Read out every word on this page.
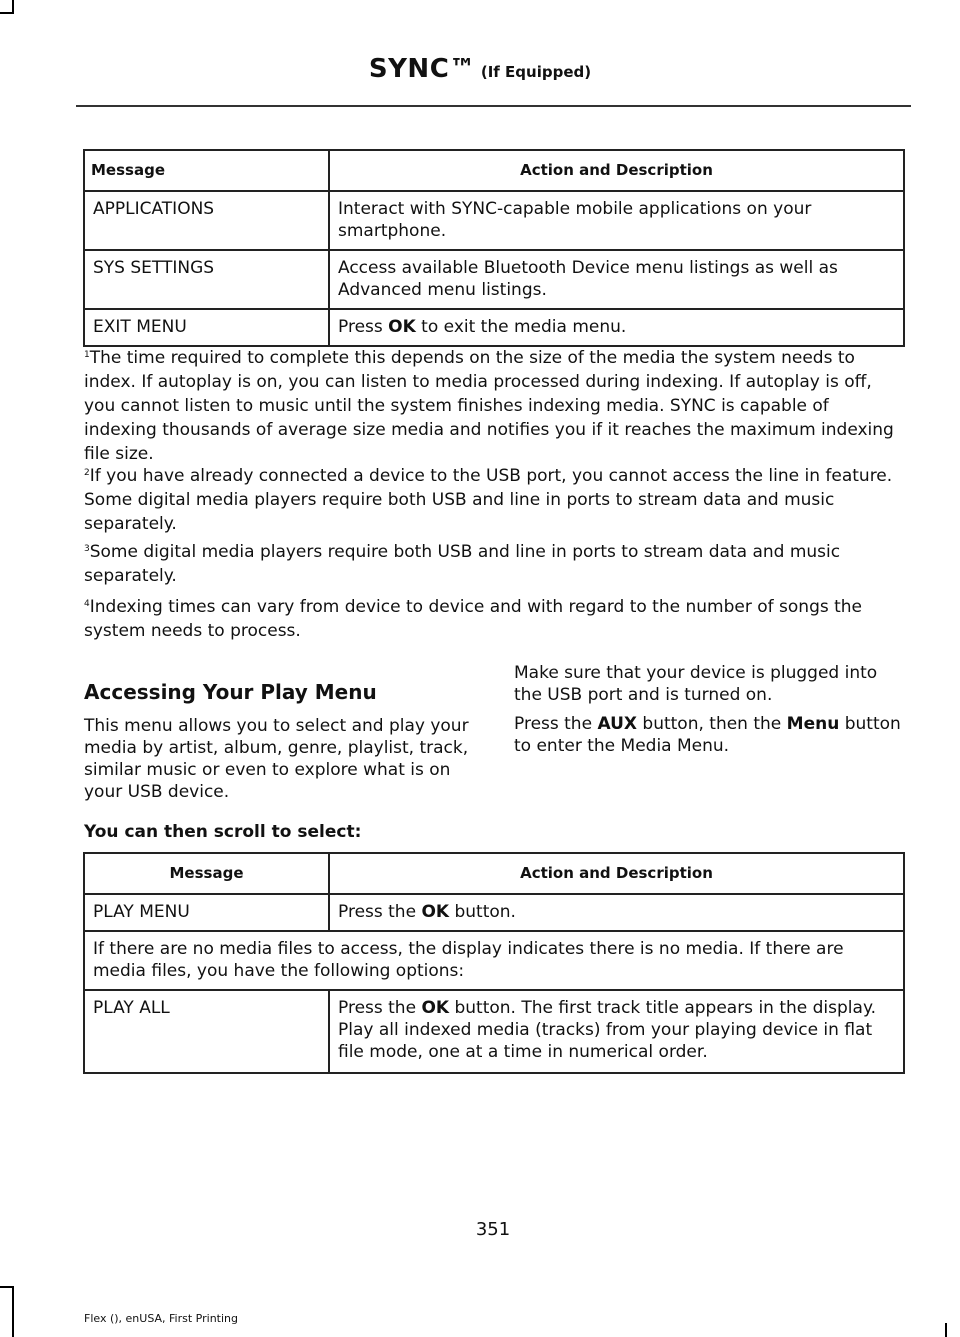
SYNC™ (If Equipped)
Message	Action and Description
APPLICATIONS	Interact with SYNC-capable mobile applications on your smartphone.
SYS SETTINGS	Access available Bluetooth Device menu listings as well as Advanced menu listings.
EXIT MENU	Press OK to exit the media menu.
$^1$The time required to complete this depends on the size of the media the system needs to index. If autoplay is on, you can listen to media processed during indexing. If autoplay is off, you cannot listen to music until the system finishes indexing media. SYNC is capable of indexing thousands of average size media and notifies you if it reaches the maximum indexing file size.
$^2$If you have already connected a device to the USB port, you cannot access the line in feature. Some digital media players require both USB and line in ports to stream data and music separately.
$^3$Some digital media players require both USB and line in ports to stream data and music separately.
$^4$Indexing times can vary from device to device and with regard to the number of songs the system needs to process.
Accessing Your Play Menu
This menu allows you to select and play your media by artist, album, genre, playlist, track, similar music or even to explore what is on your USB device.
Make sure that your device is plugged into the USB port and is turned on.
Press the AUX button, then the Menu button to enter the Media Menu.
You can then scroll to select:
Message	Action and Description
PLAY MENU	Press the OK button.
If there are no media files to access, the display indicates there is no media. If there are media files, you have the following options:	
PLAY ALL	Press the OK button. The first track title appears in the display.
Play all indexed media (tracks) from your playing device in flat file mode, one at a time in numerical order.
351
Flex (), enUSA, First Printing
